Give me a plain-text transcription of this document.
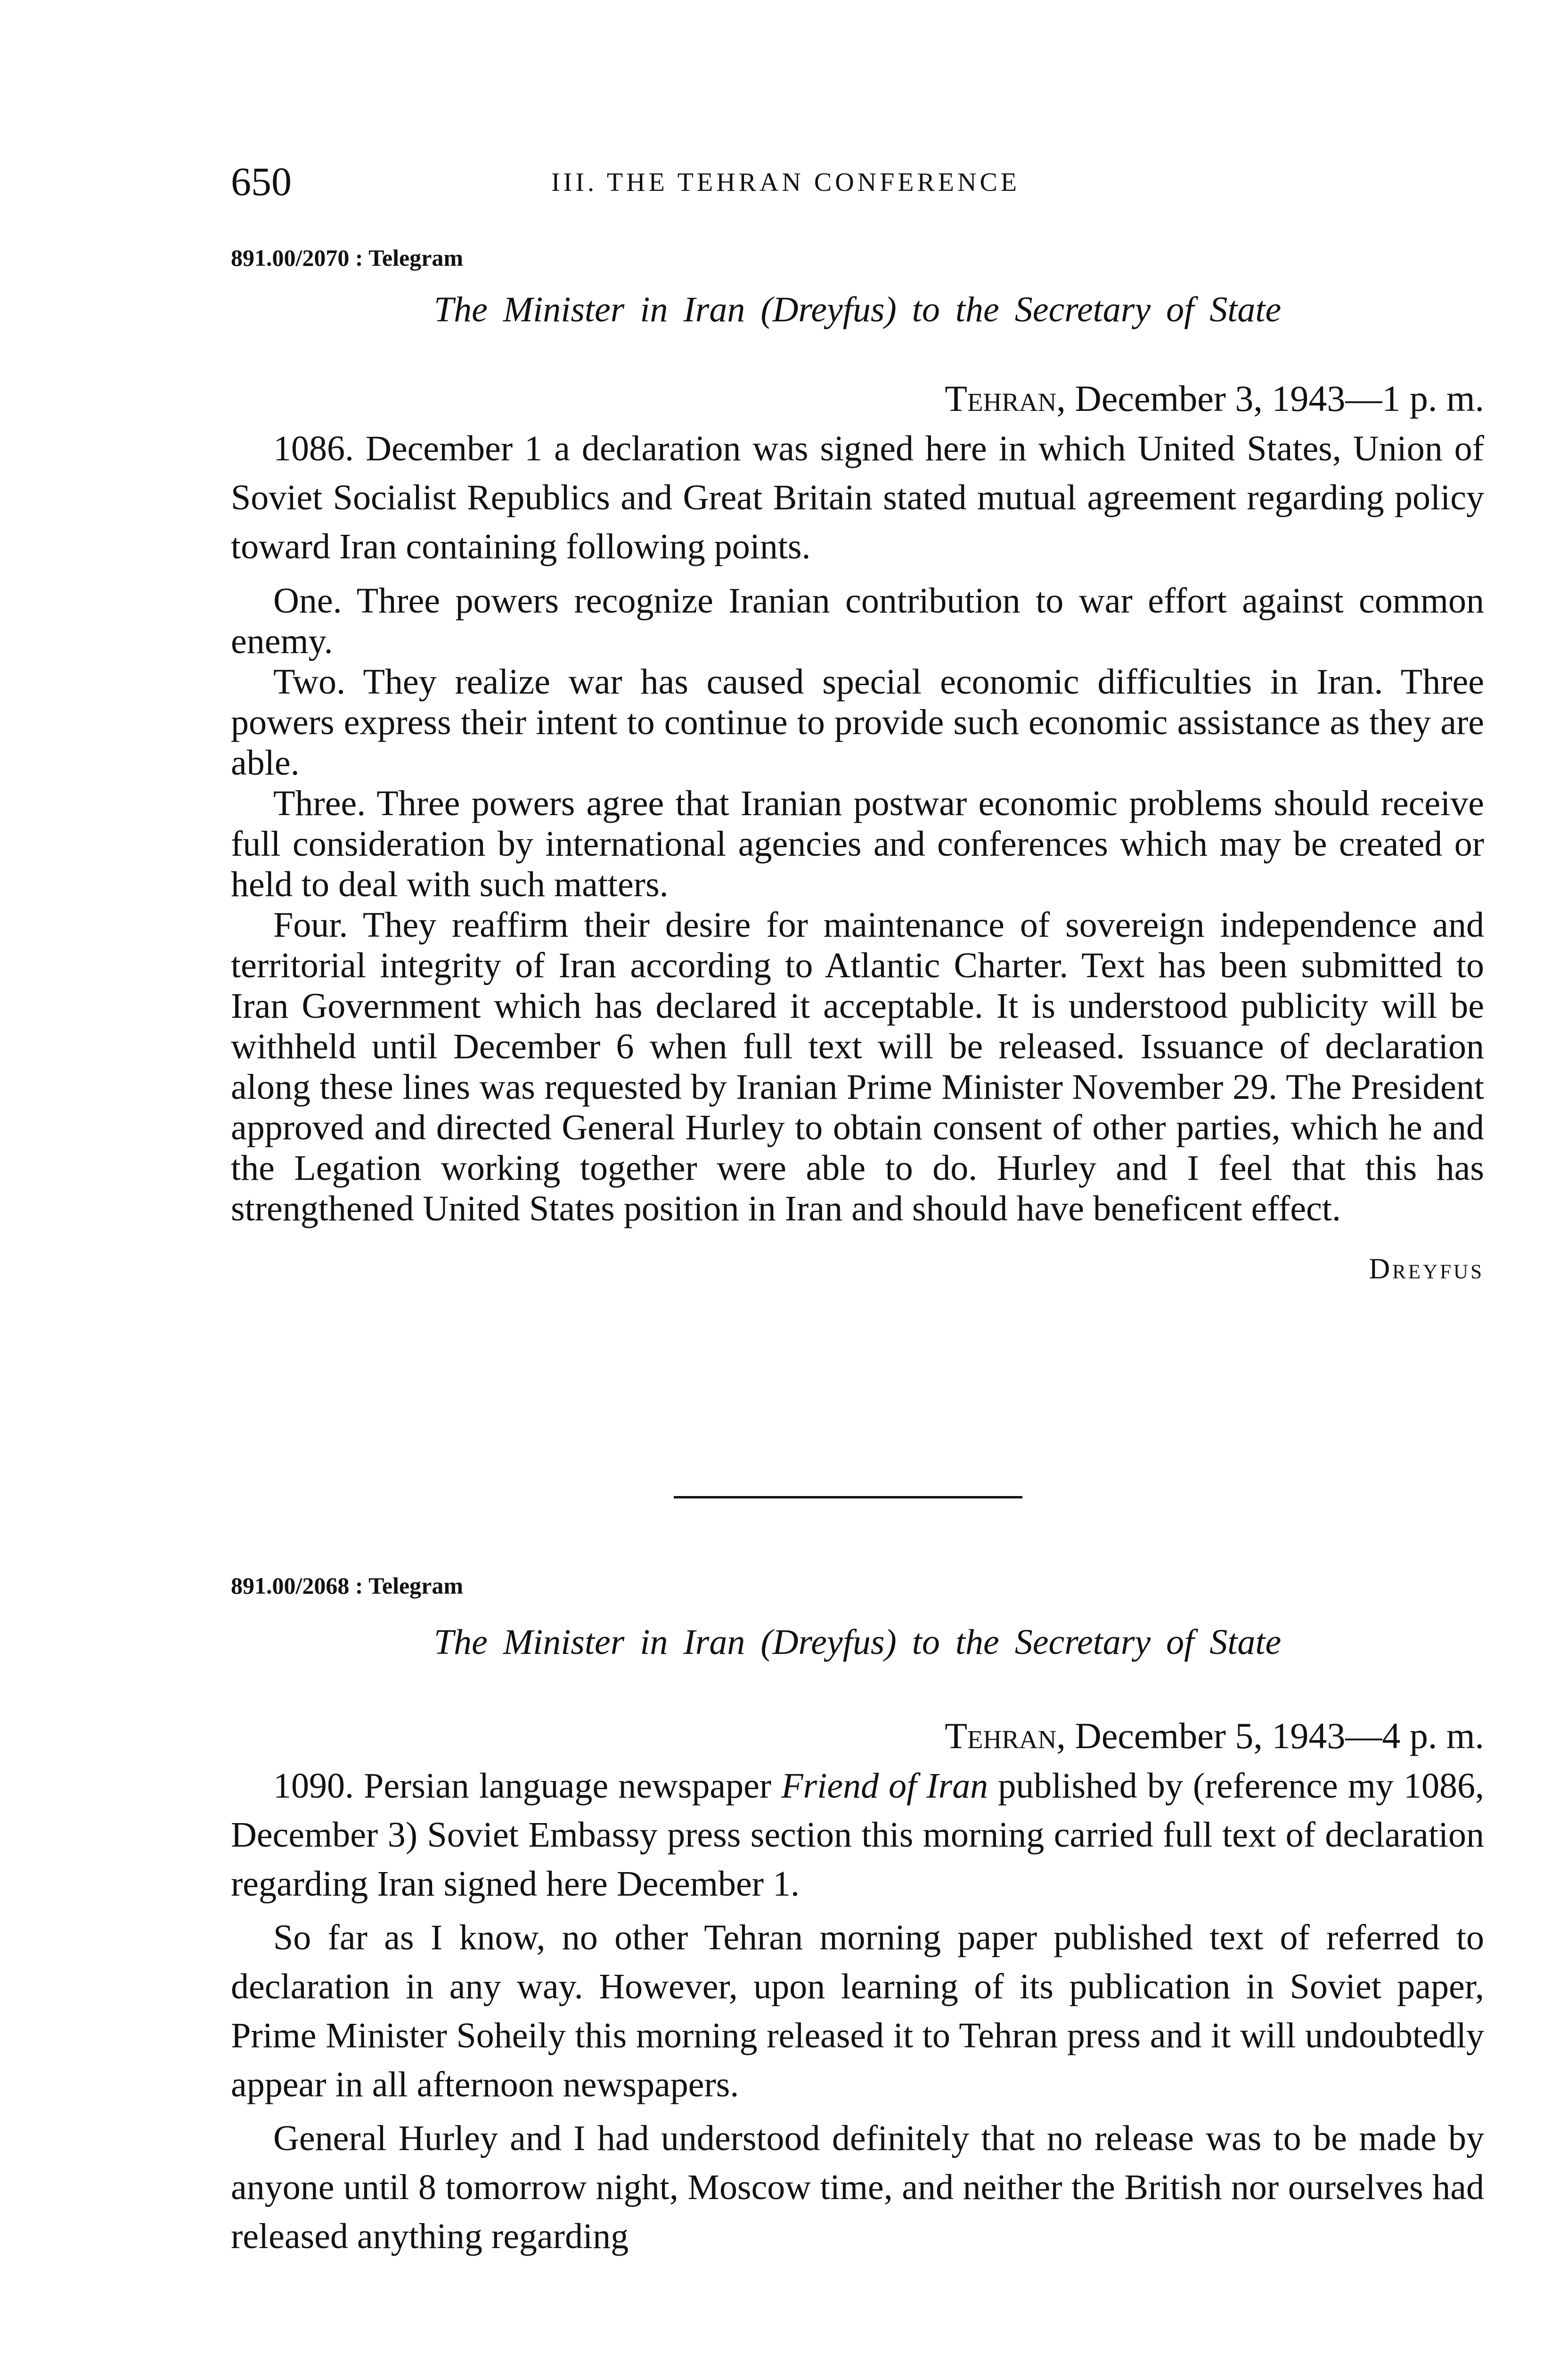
650	III. THE TEHRAN CONFERENCE

891.00/2070 : Telegram

The Minister in Iran (Dreyfus) to the Secretary of State

Tehran, December 3, 1943—1 p. m.

1086. December 1 a declaration was signed here in which United States, Union of Soviet Socialist Republics and Great Britain stated mutual agreement regarding policy toward Iran containing following points.

One. Three powers recognize Iranian contribution to war effort against common enemy.

Two. They realize war has caused special economic difficulties in Iran. Three powers express their intent to continue to provide such economic assistance as they are able.

Three. Three powers agree that Iranian postwar economic problems should receive full consideration by international agencies and conferences which may be created or held to deal with such matters.

Four. They reaffirm their desire for maintenance of sovereign independence and territorial integrity of Iran according to Atlantic Charter. Text has been submitted to Iran Government which has declared it acceptable. It is understood publicity will be withheld until December 6 when full text will be released. Issuance of declaration along these lines was requested by Iranian Prime Minister November 29. The President approved and directed General Hurley to obtain consent of other parties, which he and the Legation working together were able to do. Hurley and I feel that this has strengthened United States position in Iran and should have beneficent effect.

Dreyfus

891.00/2068 : Telegram

The Minister in Iran (Dreyfus) to the Secretary of State

Tehran, December 5, 1943—4 p. m.

1090. Persian language newspaper Friend of Iran published by (reference my 1086, December 3) Soviet Embassy press section this morning carried full text of declaration regarding Iran signed here December 1.

So far as I know, no other Tehran morning paper published text of referred to declaration in any way. However, upon learning of its publication in Soviet paper, Prime Minister Soheily this morning released it to Tehran press and it will undoubtedly appear in all afternoon newspapers.

General Hurley and I had understood definitely that no release was to be made by anyone until 8 tomorrow night, Moscow time, and neither the British nor ourselves had released anything regarding
